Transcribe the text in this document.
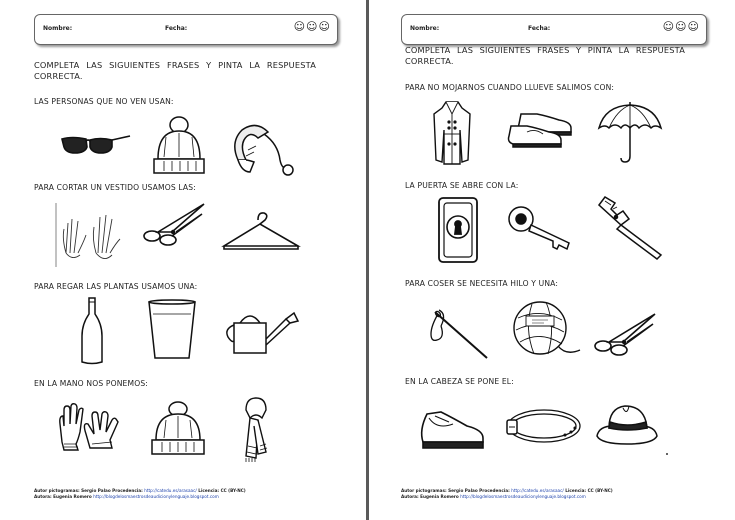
Nombre:	Fecha:	☺☺☺
COMPLETA LAS SIGUIENTES FRASES Y PINTA LA RESPUESTA CORRECTA.
LAS PERSONAS QUE NO VEN USAN:
PARA CORTAR UN VESTIDO USAMOS LAS:
PARA REGAR LAS PLANTAS USAMOS UNA:
EN LA MANO NOS PONEMOS:
Autor pictogramas: Sergio Palao Procedencia: http://catedu.es/arasaac/ Licencia: CC (BY-NC)
Autora: Eugenia Romero http://blogdelosmaestrosdeaudicionylenguaje.blogspot.com
Nombre:	Fecha:	☺☺☺
COMPLETA LAS SIGUIENTES FRASES Y PINTA LA RESPUESTA CORRECTA.
PARA NO MOJARNOS CUANDO LLUEVE SALIMOS CON:
LA PUERTA SE ABRE CON LA:
PARA COSER SE NECESITA HILO Y UNA:
EN LA CABEZA SE PONE EL:
Autor pictogramas: Sergio Palao Procedencia: http://catedu.es/arasaac/ Licencia: CC (BY-NC)
Autora: Eugenia Romero http://blogdelosmaestrosdeaudicionylenguaje.blogspot.com
